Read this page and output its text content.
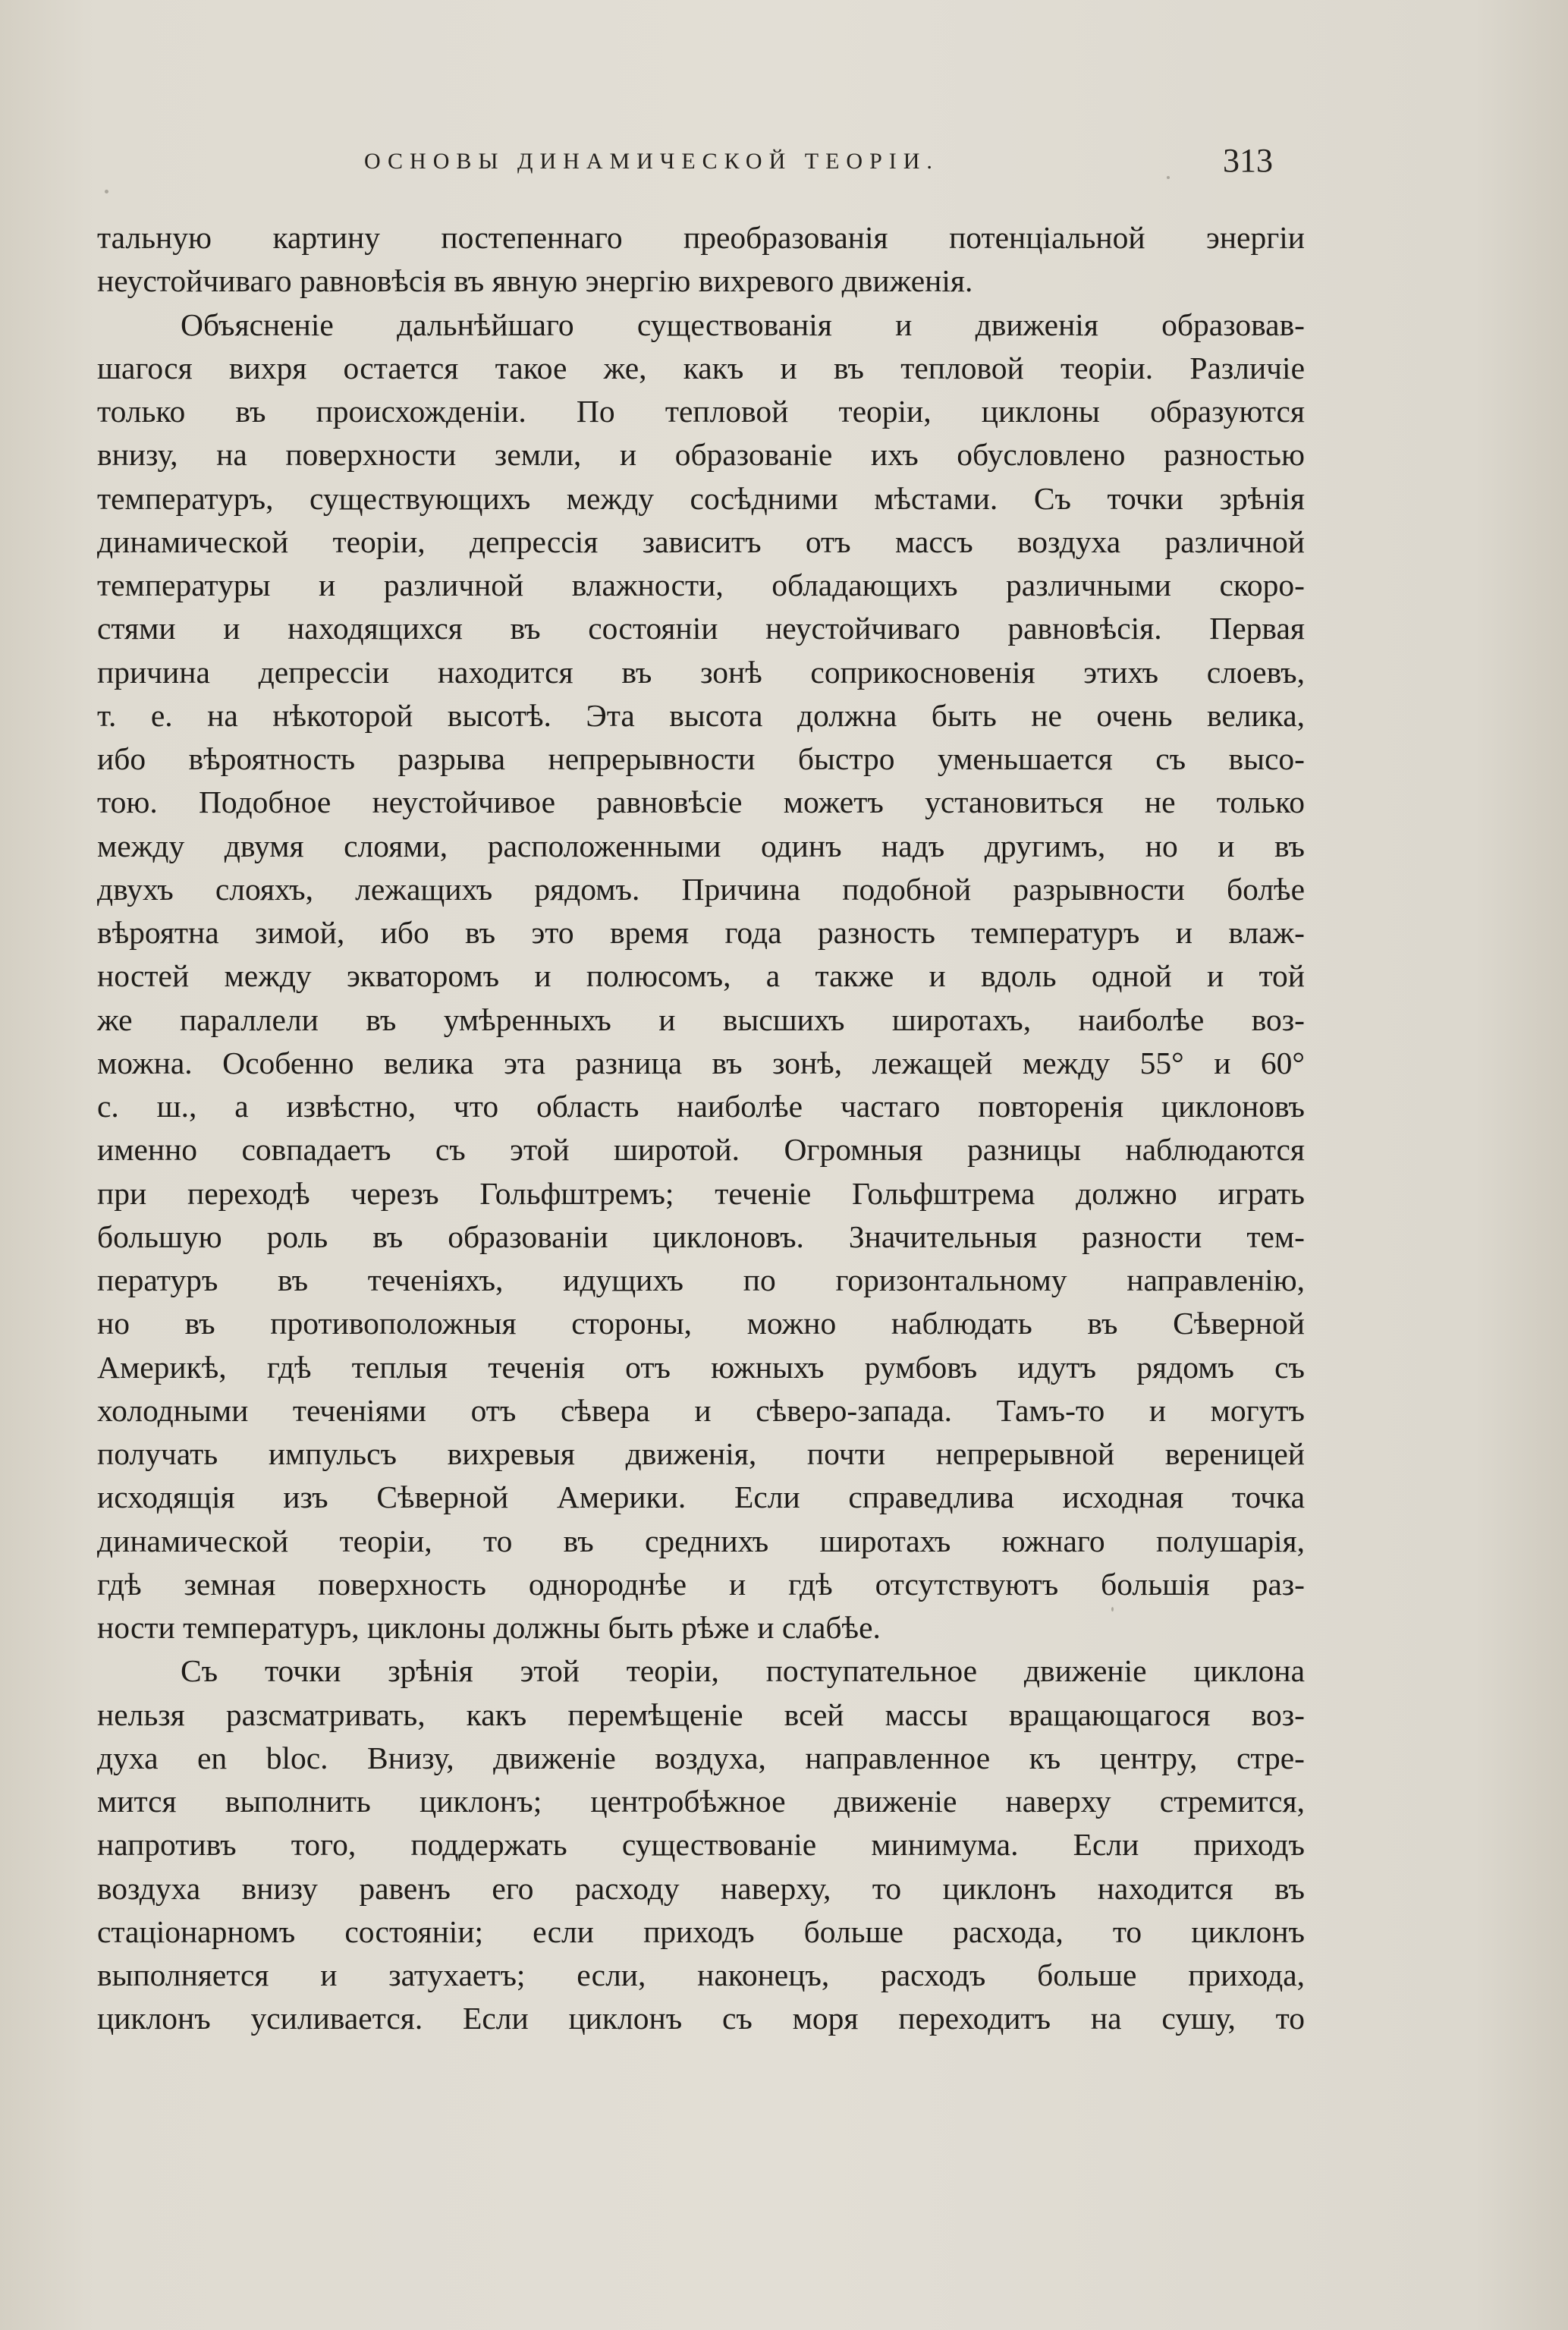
ОСНОВЫ ДИНАМИЧЕСКОЙ ТЕОРІИ.	313
тальную картину постепеннаго преобразованія потенціальной энергіи
неустойчиваго равновѣсія въ явную энергію вихревого движенія.
Объясненіе дальнѣйшаго существованія и движенія образовав-
шагося вихря остается такое же, какъ и въ тепловой теоріи. Различіе
только въ происхожденіи. По тепловой теоріи, циклоны образуются
внизу, на поверхности земли, и образованіе ихъ обусловлено разностью
температуръ, существующихъ между сосѣдними мѣстами. Съ точки зрѣнія
динамической теоріи, депрессія зависитъ отъ массъ воздуха различной
температуры и различной влажности, обладающихъ различными скоро-
стями и находящихся въ состояніи неустойчиваго равновѣсія. Первая
причина депрессіи находится въ зонѣ соприкосновенія этихъ слоевъ,
т. е. на нѣкоторой высотѣ. Эта высота должна быть не очень велика,
ибо вѣроятность разрыва непрерывности быстро уменьшается съ высо-
тою. Подобное неустойчивое равновѣсіе можетъ установиться не только
между двумя слоями, расположенными одинъ надъ другимъ, но и въ
двухъ слояхъ, лежащихъ рядомъ. Причина подобной разрывности болѣе
вѣроятна зимой, ибо въ это время года разность температуръ и влаж-
ностей между экваторомъ и полюсомъ, а также и вдоль одной и той
же параллели въ умѣренныхъ и высшихъ широтахъ, наиболѣе воз-
можна. Особенно велика эта разница въ зонѣ, лежащей между 55° и 60°
с. ш., а извѣстно, что область наиболѣе частаго повторенія циклоновъ
именно совпадаетъ съ этой широтой. Огромныя разницы наблюдаются
при переходѣ черезъ Гольфштремъ; теченіе Гольфштрема должно играть
большую роль въ образованіи циклоновъ. Значительныя разности тем-
пературъ въ теченіяхъ, идущихъ по горизонтальному направленію,
но въ противоположныя стороны, можно наблюдать въ Сѣверной
Америкѣ, гдѣ теплыя теченія отъ южныхъ румбовъ идутъ рядомъ съ
холодными теченіями отъ сѣвера и сѣверо-запада. Тамъ-то и могутъ
получать импульсъ вихревыя движенія, почти непрерывной вереницей
исходящія изъ Сѣверной Америки. Если справедлива исходная точка
динамической теоріи, то въ среднихъ широтахъ южнаго полушарія,
гдѣ земная поверхность однороднѣе и гдѣ отсутствуютъ большія раз-
ности температуръ, циклоны должны быть рѣже и слабѣе.
Съ точки зрѣнія этой теоріи, поступательное движеніе циклона
нельзя разсматривать, какъ перемѣщеніе всей массы вращающагося воз-
духа en bloc. Внизу, движеніе воздуха, направленное къ центру, стре-
мится выполнить циклонъ; центробѣжное движеніе наверху стремится,
напротивъ того, поддержать существованіе минимума. Если приходъ
воздуха внизу равенъ его расходу наверху, то циклонъ находится въ
стаціонарномъ состояніи; если приходъ больше расхода, то циклонъ
выполняется и затухаетъ; если, наконецъ, расходъ больше прихода,
циклонъ усиливается. Если циклонъ съ моря переходитъ на сушу, то
